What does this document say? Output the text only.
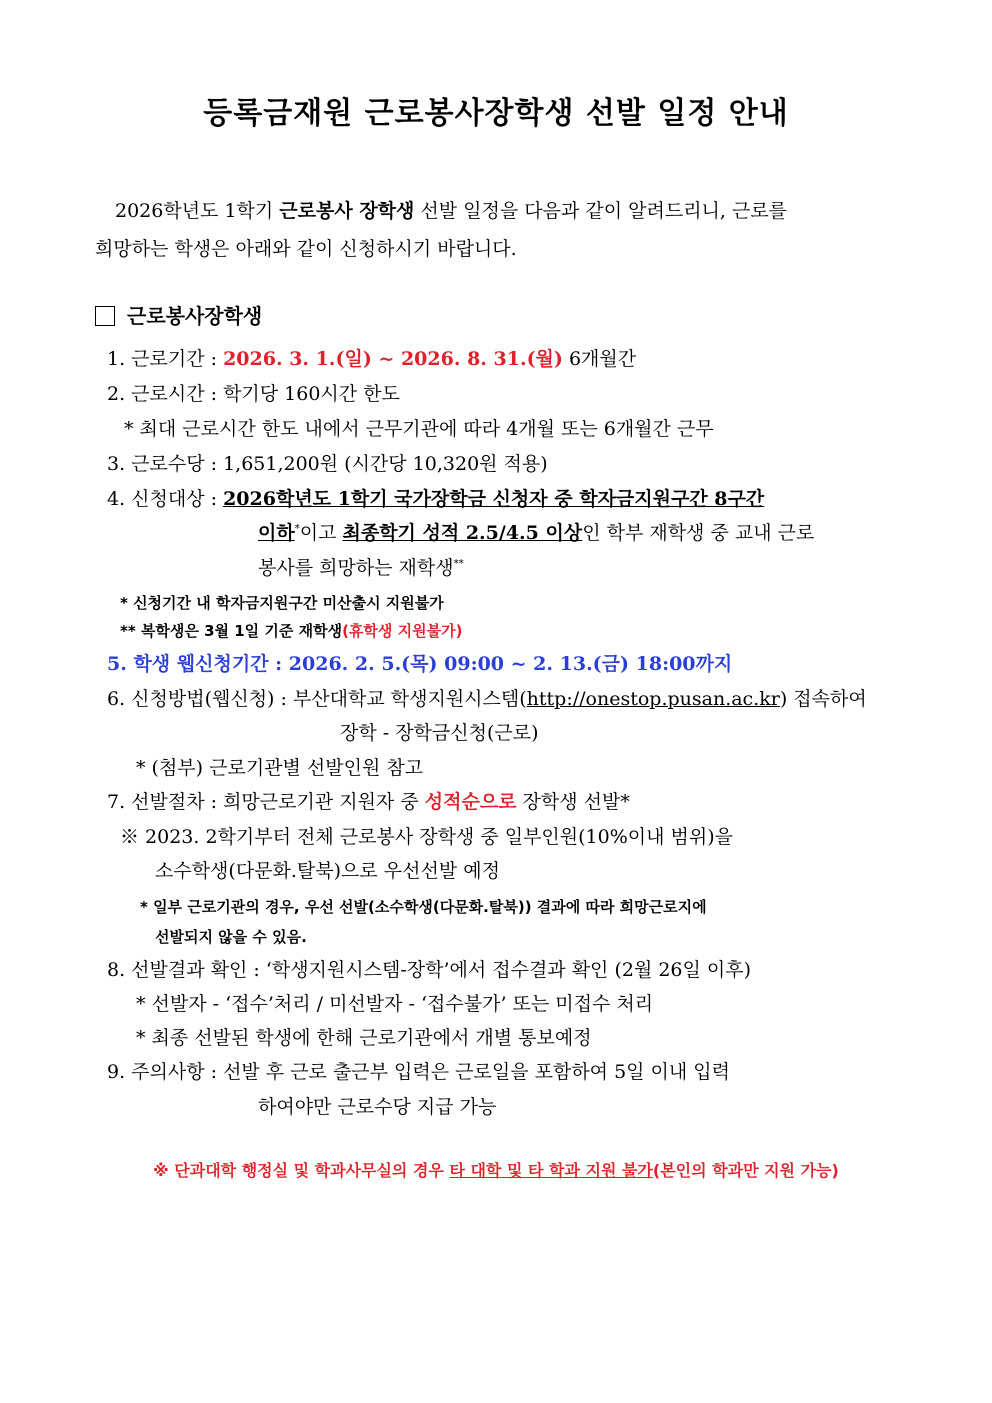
등록금재원 근로봉사장학생 선발 일정 안내
2026학년도 1학기 근로봉사 장학생 선발 일정을 다음과 같이 알려드리니, 근로를
희망하는 학생은 아래와 같이 신청하시기 바랍니다.
근로봉사장학생
1. 근로기간 : 2026. 3. 1.(일) ~ 2026. 8. 31.(월) 6개월간
2. 근로시간 : 학기당 160시간 한도
* 최대 근로시간 한도 내에서 근무기관에 따라 4개월 또는 6개월간 근무
3. 근로수당 : 1,651,200원 (시간당 10,320원 적용)
4. 신청대상 : 2026학년도 1학기 국가장학금 신청자 중 학자금지원구간 8구간
이하*이고 최종학기 성적 2.5/4.5 이상인 학부 재학생 중 교내 근로
봉사를 희망하는 재학생**
* 신청기간 내 학자금지원구간 미산출시 지원불가
** 복학생은 3월 1일 기준 재학생(휴학생 지원불가)
5. 학생 웹신청기간 : 2026. 2. 5.(목) 09:00 ~ 2. 13.(금) 18:00까지
6. 신청방법(웹신청) : 부산대학교 학생지원시스템(http://onestop.pusan.ac.kr) 접속하여
장학 - 장학금신청(근로)
* (첨부) 근로기관별 선발인원 참고
7. 선발절차 : 희망근로기관 지원자 중 성적순으로 장학생 선발*
※ 2023. 2학기부터 전체 근로봉사 장학생 중 일부인원(10%이내 범위)을
소수학생(다문화.탈북)으로 우선선발 예정
* 일부 근로기관의 경우, 우선 선발(소수학생(다문화.탈북)) 결과에 따라 희망근로지에
선발되지 않을 수 있음.
8. 선발결과 확인 : ‘학생지원시스템-장학’에서 접수결과 확인 (2월 26일 이후)
* 선발자 - ‘접수’처리 / 미선발자 - ‘접수불가’ 또는 미접수 처리
* 최종 선발된 학생에 한해 근로기관에서 개별 통보예정
9. 주의사항 : 선발 후 근로 출근부 입력은 근로일을 포함하여 5일 이내 입력
하여야만 근로수당 지급 가능
※ 단과대학 행정실 및 학과사무실의 경우 타 대학 및 타 학과 지원 불가(본인의 학과만 지원 가능)
